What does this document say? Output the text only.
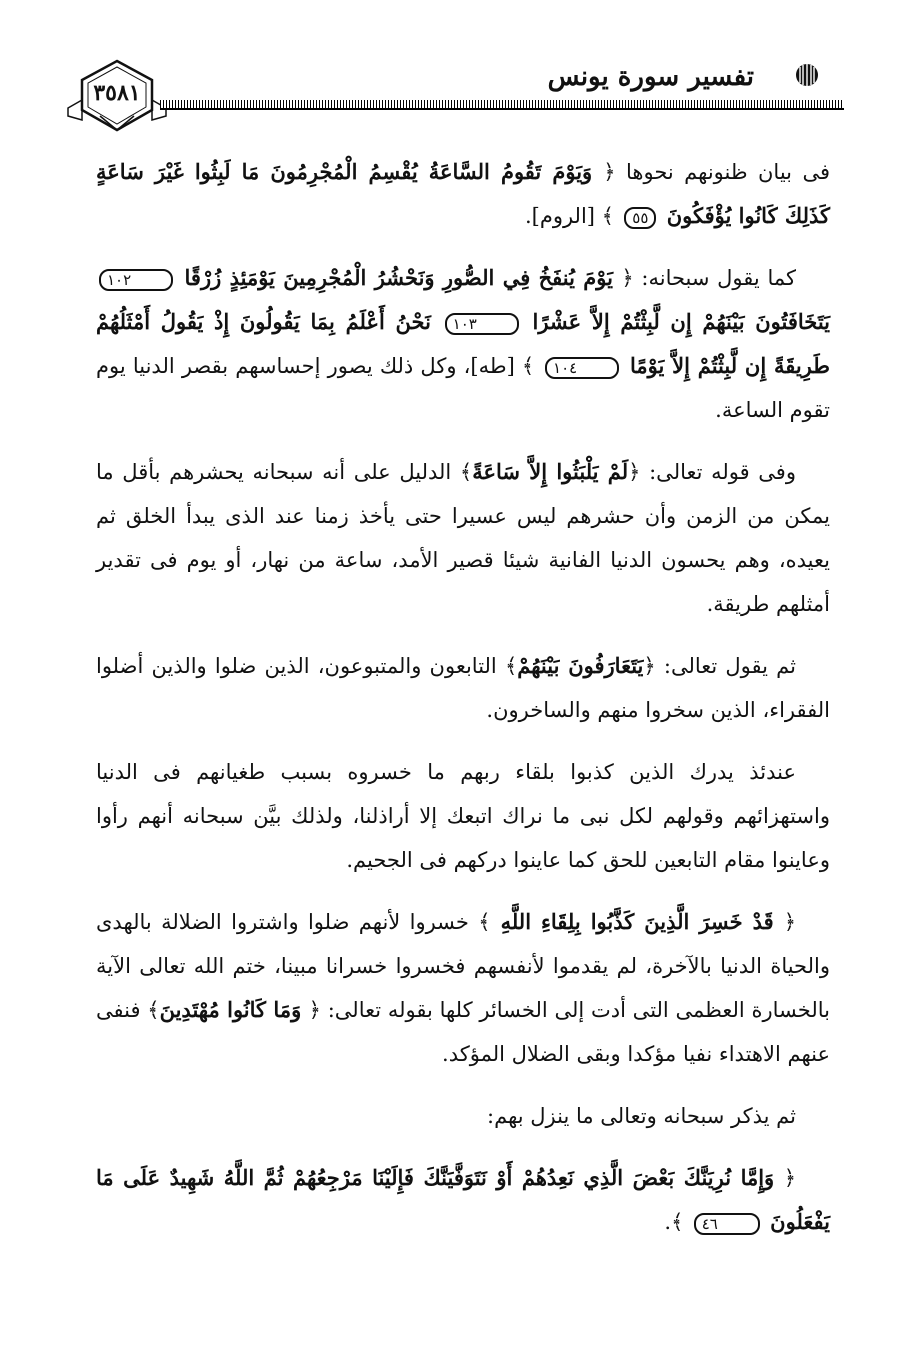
٣٥٨١
تفسير سورة يونس

فى بيان ظنونهم نحوها ﴿ وَيَوْمَ تَقُومُ السَّاعَةُ يُقْسِمُ الْمُجْرِمُونَ مَا لَبِثُوا غَيْرَ سَاعَةٍ كَذَلِكَ كَانُوا يُؤْفَكُونَ ٥٥ ﴾ [الروم].

كما يقول سبحانه: ﴿ يَوْمَ يُنفَخُ فِي الصُّورِ وَنَحْشُرُ الْمُجْرِمِينَ يَوْمَئِذٍ زُرْقًا ١٠٢ يَتَخَافَتُونَ بَيْنَهُمْ إِن لَّبِثْتُمْ إِلاَّ عَشْرًا ١٠٣ نَحْنُ أَعْلَمُ بِمَا يَقُولُونَ إِذْ يَقُولُ أَمْثَلُهُمْ طَرِيقَةً إِن لَّبِثْتُمْ إِلاَّ يَوْمًا ١٠٤ ﴾ [طه]، وكل ذلك يصور إحساسهم بقصر الدنيا يوم تقوم الساعة.

وفى قوله تعالى: ﴿لَمْ يَلْبَثُوا إِلاَّ سَاعَةً﴾ الدليل على أنه سبحانه يحشرهم بأقل ما يمكن من الزمن وأن حشرهم ليس عسيرا حتى يأخذ زمنا عند الذى يبدأ الخلق ثم يعيده، وهم يحسون الدنيا الفانية شيئا قصير الأمد، ساعة من نهار، أو يوم فى تقدير أمثلهم طريقة.

ثم يقول تعالى: ﴿يَتَعَارَفُونَ بَيْنَهُمْ﴾ التابعون والمتبوعون، الذين ضلوا والذين أضلوا الفقراء، الذين سخروا منهم والساخرون.

عندئذ يدرك الذين كذبوا بلقاء ربهم ما خسروه بسبب طغيانهم فى الدنيا واستهزائهم وقولهم لكل نبى ما نراك اتبعك إلا أراذلنا، ولذلك بيَّن سبحانه أنهم رأوا وعاينوا مقام التابعين للحق كما عاينوا دركهم فى الجحيم.

﴿ قَدْ خَسِرَ الَّذِينَ كَذَّبُوا بِلِقَاءِ اللَّهِ ﴾ خسروا لأنهم ضلوا واشتروا الضلالة بالهدى والحياة الدنيا بالآخرة، لم يقدموا لأنفسهم فخسروا خسرانا مبينا، ختم الله تعالى الآية بالخسارة العظمى التى أدت إلى الخسائر كلها بقوله تعالى: ﴿ وَمَا كَانُوا مُهْتَدِينَ﴾ فنفى عنهم الاهتداء نفيا مؤكدا وبقى الضلال المؤكد.

ثم يذكر سبحانه وتعالى ما ينزل بهم:

﴿ وَإِمَّا نُرِيَنَّكَ بَعْضَ الَّذِي نَعِدُهُمْ أَوْ نَتَوَفَّيَنَّكَ فَإِلَيْنَا مَرْجِعُهُمْ ثُمَّ اللَّهُ شَهِيدٌ عَلَى مَا يَفْعَلُونَ ٤٦ ﴾.
